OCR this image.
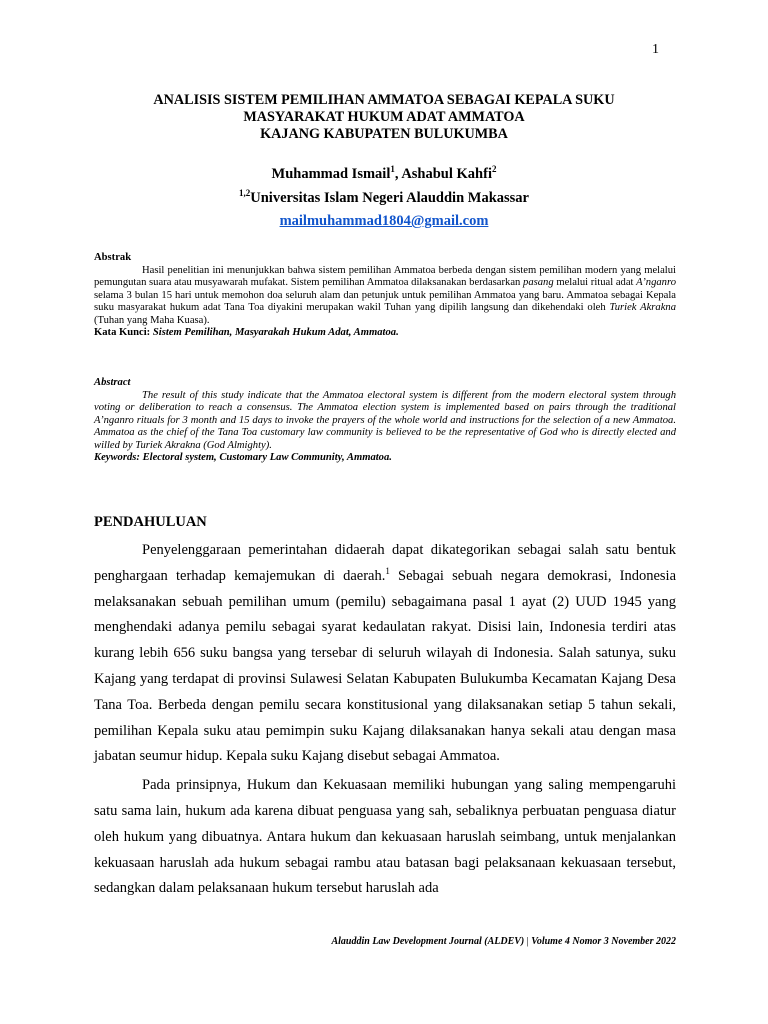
1
ANALISIS SISTEM PEMILIHAN AMMATOA SEBAGAI KEPALA SUKU
MASYARAKAT HUKUM ADAT AMMATOA
KAJANG KABUPATEN BULUKUMBA
Muhammad Ismail$^1$, Ashabul Kahfi$^2$
$^{1,2}$Universitas Islam Negeri Alauddin Makassar
mailmuhammad1804@gmail.com
Abstrak

Hasil penelitian ini menunjukkan bahwa sistem pemilihan Ammatoa berbeda dengan sistem pemilihan modern yang melalui pemungutan suara atau musyawarah mufakat. Sistem pemilihan Ammatoa dilaksanakan berdasarkan pasang melalui ritual adat A’nganro selama 3 bulan 15 hari untuk memohon doa seluruh alam dan petunjuk untuk pemilihan Ammatoa yang baru. Ammatoa sebagai Kepala suku masyarakat hukum adat Tana Toa diyakini merupakan wakil Tuhan yang dipilih langsung dan dikehendaki oleh Turiek Akrakna (Tuhan yang Maha Kuasa).

Kata Kunci: Sistem Pemilihan, Masyarakah Hukum Adat, Ammatoa.

Abstract

The result of this study indicate that the Ammatoa electoral system is different from the modern electoral system through voting or deliberation to reach a consensus. The Ammatoa election system is implemented based on pairs through the traditional A’nganro rituals for 3 month and 15 days to invoke the prayers of the whole world and instructions for the selection of a new Ammatoa. Ammatoa as the chief of the Tana Toa customary law community is believed to be the representative of God who is directly elected and willed by Turiek Akrakna (God Almighty).

Keywords: Electoral system, Customary Law Community, Ammatoa.

PENDAHULUAN

Penyelenggaraan pemerintahan didaerah dapat dikategorikan sebagai salah satu bentuk penghargaan terhadap kemajemukan di daerah.$^1$ Sebagai sebuah negara demokrasi, Indonesia melaksanakan sebuah pemilihan umum (pemilu) sebagaimana pasal 1 ayat (2) UUD 1945 yang menghendaki adanya pemilu sebagai syarat kedaulatan rakyat. Disisi lain, Indonesia terdiri atas kurang lebih 656 suku bangsa yang tersebar di seluruh wilayah di Indonesia. Salah satunya, suku Kajang yang terdapat di provinsi Sulawesi Selatan Kabupaten Bulukumba Kecamatan Kajang Desa Tana Toa. Berbeda dengan pemilu secara konstitusional yang dilaksanakan setiap 5 tahun sekali, pemilihan Kepala suku atau pemimpin suku Kajang dilaksanakan hanya sekali atau dengan masa jabatan seumur hidup. Kepala suku Kajang disebut sebagai Ammatoa.

Pada prinsipnya, Hukum dan Kekuasaan memiliki hubungan yang saling mempengaruhi satu sama lain, hukum ada karena dibuat penguasa yang sah, sebaliknya perbuatan penguasa diatur oleh hukum yang dibuatnya. Antara hukum dan kekuasaan haruslah seimbang, untuk menjalankan kekuasaan haruslah ada hukum sebagai rambu atau batasan bagi pelaksanaan kekuasaan tersebut, sedangkan dalam pelaksanaan hukum tersebut haruslah ada

Alauddin Law Development Journal (ALDEV) | Volume 4 Nomor 3 November 2022
